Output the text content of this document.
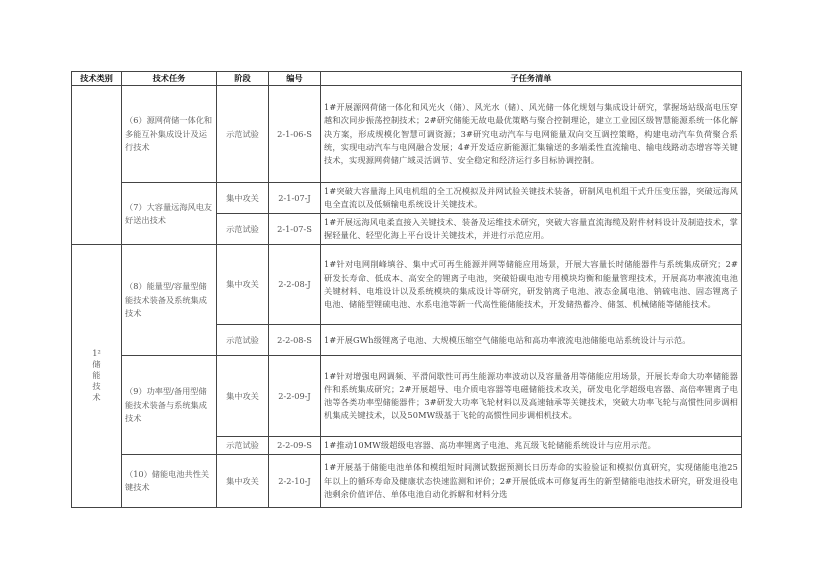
技术类别	技术任务	阶段	编号	子任务清单
	（6）源网荷储一体化和多能互补集成设计及运行技术	示范试验	2-1-06-S	1#开展源网荷储一体化和风光火（储）、风光水（储）、风光储一体化规划与集成设计研究，掌握场站级高电压穿越和次同步振荡控制技术；2#研究储能无故电最优策略与聚合控制理论，建立工业园区级智慧能源系统一体化解决方案，形成规模化智慧可调资源；3#研究电动汽车与电网能量双向交互调控策略，构建电动汽车负荷聚合系统，实现电动汽车与电网融合发展；4#开发适应新能源汇集输送的多端柔性直流输电、输电线路动态增容等关键技术，实现源网荷储广域灵活调节、安全稳定和经济运行多目标协调控制。
	（7）大容量远海风电友好送出技术	集中攻关	2-1-07-J	1#突破大容量海上风电机组的全工况模拟及并网试验关键技术装备，研制风电机组干式升压变压器，突破远海风电全直流以及低频输电系统设计关键技术。
		示范试验	2-1-07-S	1#开展远海风电柔直接入关键技术、装备及运维技术研究，突破大容量直流海缆及附件材料设计及制造技术，掌握轻量化、轻型化海上平台设计关键技术，并进行示范应用。
1²储能技术	（8）能量型/容量型储能技术装备及系统集成技术	集中攻关	2-2-08-J	1#针对电网削峰填谷、集中式可再生能源并网等储能应用场景，开展大容量长时储能器件与系统集成研究；2#研发长寿命、低成本、高安全的锂离子电池，突破铅碳电池专用模块均衡和能量管理技术，开展高功率液流电池关键材料、电堆设计以及系统模块的集成设计等研究，研发钠离子电池、液态金属电池、钠硫电池、固态锂离子电池、储能型锂硫电池、水系电池等新一代高性能储能技术，开发储热蓄冷、储氢、机械储能等储能技术。
		示范试验	2-2-08-S	1#开展GWh级锂离子电池、大规模压缩空气储能电站和高功率液流电池储能电站系统设计与示范。
	（9）功率型/备用型储能技术装备与系统集成技术	集中攻关	2-2-09-J	1#针对增强电网调频、平滑间歇性可再生能源功率波动以及容量备用等储能应用场景，开展长寿命大功率储能器件和系统集成研究；2#开展超导、电介质电容器等电磁储能技术攻关，研发电化学超级电容器、高倍率锂离子电池等各类功率型储能器件；3#研发大功率飞轮材料以及高速轴承等关键技术，突破大功率飞轮与高惯性同步调相机集成关键技术，以及50MW级基于飞轮的高惯性同步调相机技术。
		示范试验	2-2-09-S	1#推动10MW级超级电容器、高功率锂离子电池、兆瓦级飞轮储能系统设计与应用示范。
	（10）储能电池共性关键技术	集中攻关	2-2-10-J	1#开展基于储能电池单体和模组短时间测试数据预测长日历寿命的实验验证和模拟仿真研究，实现储能电池25年以上的循环寿命及健康状态快速监测和评价；2#开展低成本可修复再生的新型储能电池技术研究，研发退役电池剩余价值评估、单体电池自动化拆解和材料分选
